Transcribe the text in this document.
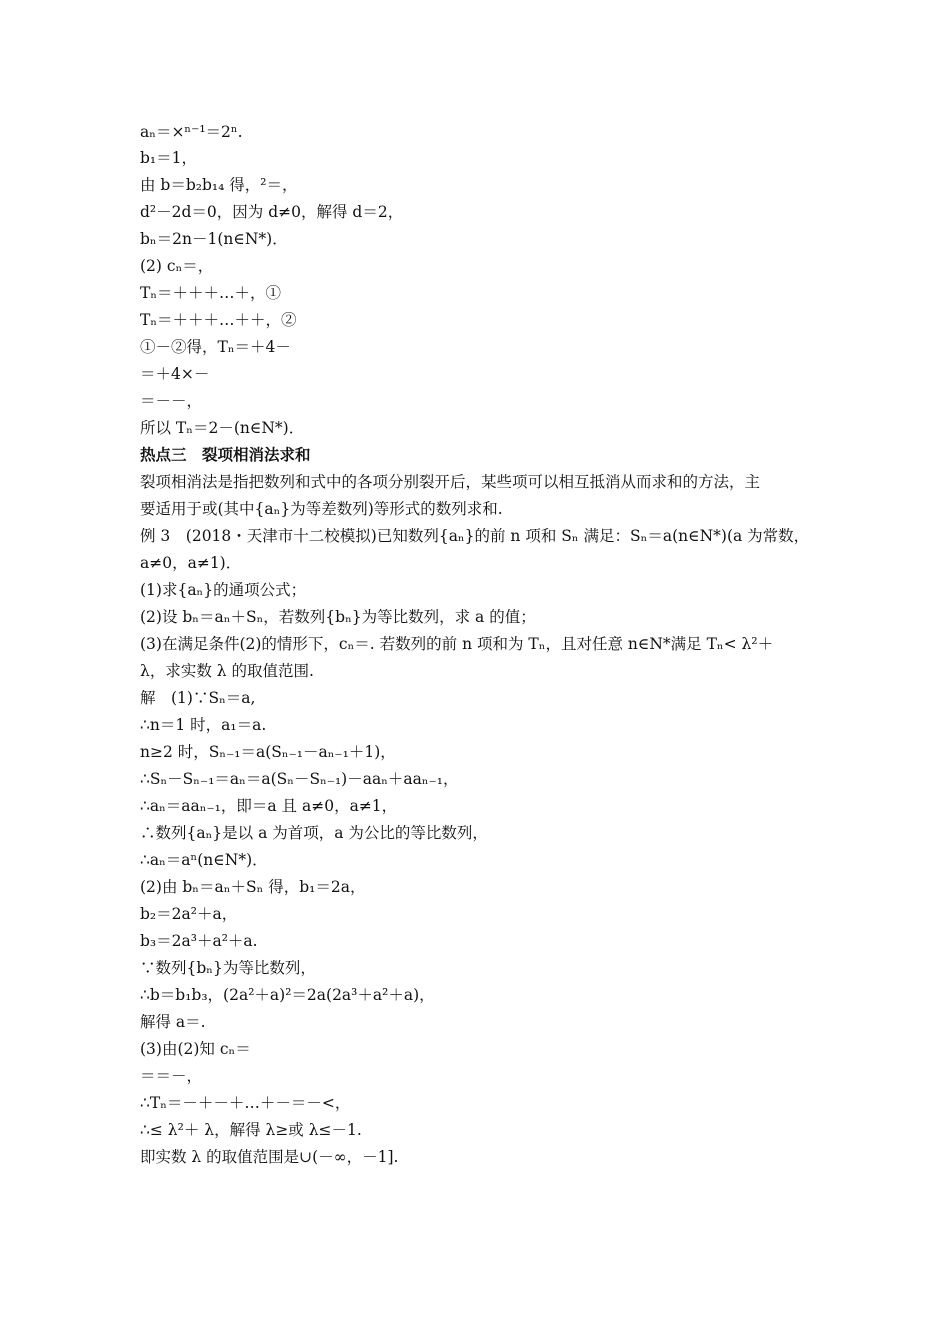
aₙ＝×ⁿ⁻¹＝2ⁿ.
b₁＝1，
由 b＝b₂b₁₄ 得，²＝，
d²－2d＝0，因为 d≠0，解得 d＝2，
bₙ＝2n－1(n∈N*)．
(2) cₙ＝，
Tₙ＝＋＋＋…＋，①
Tₙ＝＋＋＋…＋＋，②
①－②得，Tₙ＝＋4－
＝＋4×－
＝－－，
所以 Tₙ＝2－(n∈N*)．
热点三　裂项相消法求和
裂项相消法是指把数列和式中的各项分别裂开后，某些项可以相互抵消从而求和的方法，主
要适用于或(其中{aₙ}为等差数列)等形式的数列求和.
例 3　(2018・天津市十二校模拟)已知数列{aₙ}的前 n 项和 Sₙ 满足：Sₙ＝a(n∈N*)(a 为常数，
a≠0，a≠1)．
(1)求{aₙ}的通项公式；
(2)设 bₙ＝aₙ＋Sₙ，若数列{bₙ}为等比数列，求 a 的值；
(3)在满足条件(2)的情形下，cₙ＝. 若数列的前 n 项和为 Tₙ，且对任意 n∈N*满足 Tₙ< λ²＋
λ，求实数 λ 的取值范围.
解　(1)∵Sₙ＝a,
∴n＝1 时，a₁＝a.
n≥2 时，Sₙ₋₁＝a(Sₙ₋₁－aₙ₋₁＋1)，
∴Sₙ－Sₙ₋₁＝aₙ＝a(Sₙ－Sₙ₋₁)－aaₙ＋aaₙ₋₁，
∴aₙ＝aaₙ₋₁，即＝a 且 a≠0，a≠1，
∴数列{aₙ}是以 a 为首项，a 为公比的等比数列，
∴aₙ＝aⁿ(n∈N*)．
(2)由 bₙ＝aₙ＋Sₙ 得，b₁＝2a，
b₂＝2a²＋a，
b₃＝2a³＋a²＋a.
∵数列{bₙ}为等比数列，
∴b＝b₁b₃，(2a²＋a)²＝2a(2a³＋a²＋a)，
解得 a＝.
(3)由(2)知 cₙ＝
＝＝－，
∴Tₙ＝－＋－＋…＋－＝－<，
∴≤ λ²＋ λ，解得 λ≥或 λ≤－1.
即实数 λ 的取值范围是∪(－∞，－1].
